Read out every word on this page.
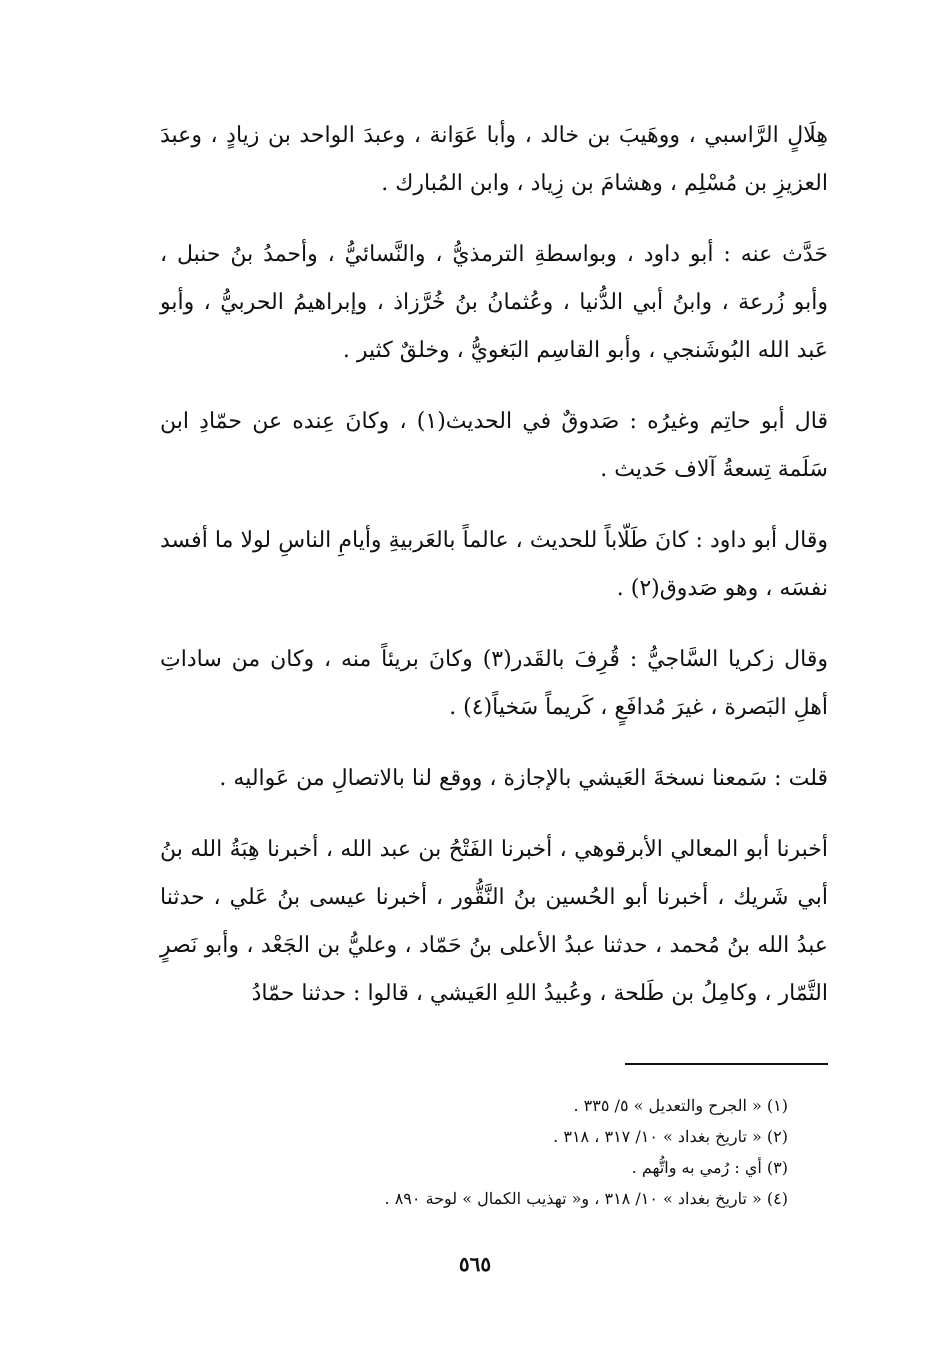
هِلَالٍ الرَّاسبي ، ووهَيبَ بن خالد ، وأبا عَوَانة ، وعبدَ الواحد بن زيادٍ ، وعبدَ العزيزِ بن مُسْلِم ، وهشامَ بن زِياد ، وابن المُبارك .

حَدَّث عنه : أبو داود ، وبواسطةِ الترمذيُّ ، والنَّسائيُّ ، وأحمدُ بنُ حنبل ، وأبو زُرعة ، وابنُ أبي الدُّنيا ، وعُثمانُ بنُ خُرَّزاذ ، وإبراهيمُ الحربيُّ ، وأبو عَبد الله البُوشَنجي ، وأبو القاسِم البَغويُّ ، وخلقٌ كثير .

قال أبو حاتِم وغيرُه : صَدوقٌ في الحديث(١) ، وكانَ عِنده عن حمّادِ ابن سَلَمة تِسعةُ آلاف حَديث .

وقال أبو داود : كانَ طَلّاباً للحديث ، عالماً بالعَربيةِ وأيامِ الناسِ لولا ما أفسد نفسَه ، وهو صَدوق(٢) .

وقال زكريا السَّاجيُّ : قُرِفَ بالقَدر(٣) وكانَ بريئاً منه ، وكان من ساداتِ أهلِ البَصرة ، غيرَ مُدافَعٍ ، كَريماً سَخياً(٤) .

قلت : سَمعنا نسخةَ العَيشي بالإجازة ، ووقع لنا بالاتصالِ من عَواليه .

أخبرنا أبو المعالي الأبرقوهي ، أخبرنا الفَتْحُ بن عبد الله ، أخبرنا هِبَةُ الله بنُ أبي شَريك ، أخبرنا أبو الحُسين بنُ النَّقُّور ، أخبرنا عيسى بنُ عَلي ، حدثنا عبدُ الله بنُ مُحمد ، حدثنا عبدُ الأعلى بنُ حَمّاد ، وعليُّ بن الجَعْد ، وأبو نَصرٍ التَّمّار ، وكامِلُ بن طَلحة ، وعُبيدُ اللهِ العَيشي ، قالوا : حدثنا حمّادُ

(١) « الجرح والتعديل » ٥/ ٣٣٥ .
(٢) « تاريخ بغداد » ١٠/ ٣١٧ ، ٣١٨ .
(٣) أي : رُمي به واتُّهم .
(٤) « تاريخ بغداد » ١٠/ ٣١٨ ، و« تهذيب الكمال » لوحة ٨٩٠ .
٥٦٥
